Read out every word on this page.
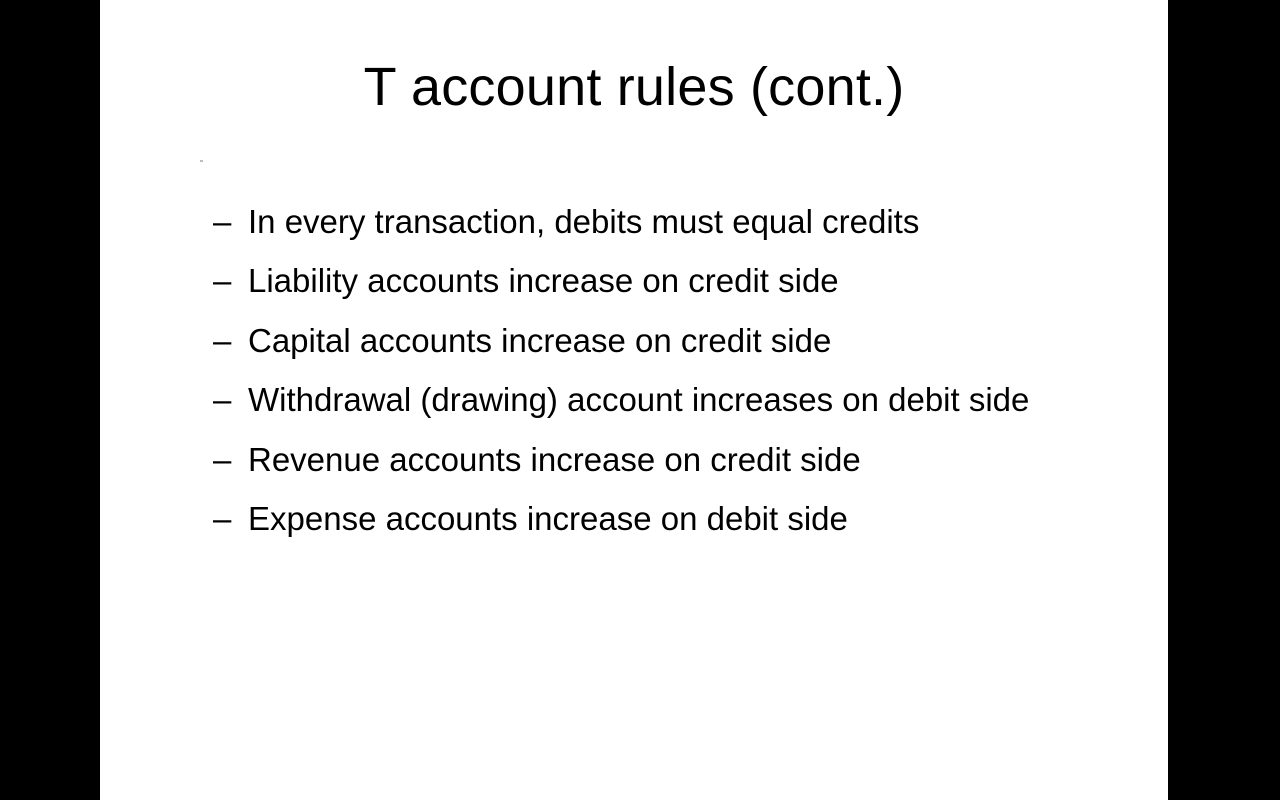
T account rules (cont.)
– In every transaction, debits must equal credits
– Liability accounts increase on credit side
– Capital accounts increase on credit side
– Withdrawal (drawing) account increases on debit side
– Revenue accounts increase on credit side
– Expense accounts increase on debit side
